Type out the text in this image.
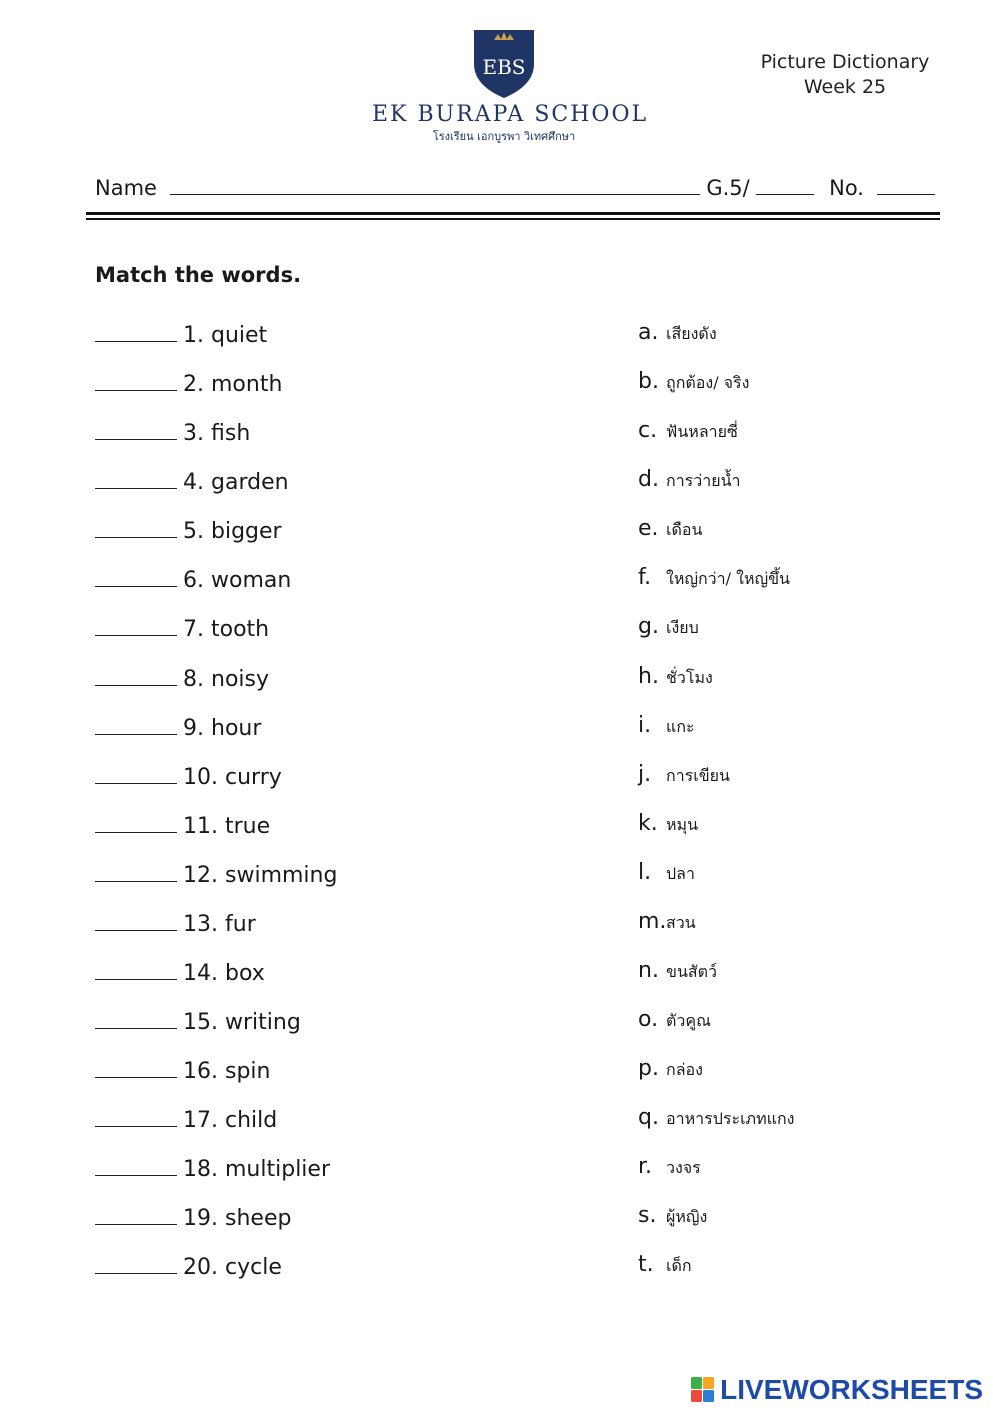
EBS
EK BURAPA SCHOOL
โรงเรียน เอกบูรพา วิเทศศึกษา
Picture Dictionary
Week 25
Name	G.5/	No.
Match the words.
1. quiet
2. month
3. fish
4. garden
5. bigger
6. woman
7. tooth
8. noisy
9. hour
10. curry
11. true
12. swimming
13. fur
14. box
15. writing
16. spin
17. child
18. multiplier
19. sheep
20. cycle
a. เสียงดัง
b. ถูกต้อง/ จริง
c. ฟันหลายซี่
d. การว่ายน้ำ
e. เดือน
f. ใหญ่กว่า/ ใหญ่ขึ้น
g. เงียบ
h. ชั่วโมง
i. แกะ
j. การเขียน
k. หมุน
l. ปลา
m.สวน
n. ขนสัตว์
o. ตัวคูณ
p. กล่อง
q. อาหารประเภทแกง
r. วงจร
s. ผู้หญิง
t. เด็ก
LIVEWORKSHEETS
